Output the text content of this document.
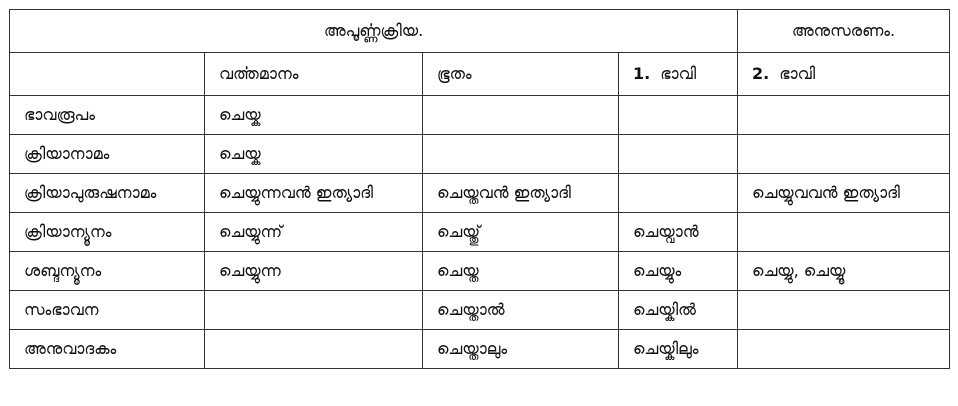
അപൂൎണ്ണക്രിയ.				അനുസരണം.
	വൎത്തമാനം	ഭൂതം	1. ഭാവി	2. ഭാവി
ഭാവരൂപം	ചെയ്ക			
ക്രിയാനാമം	ചെയ്ക			
ക്രിയാപുരുഷനാമം	ചെയ്യുന്നവൻ ഇത്യാദി	ചെയ്തവൻ ഇത്യാദി		ചെയ്യുവവൻ ഇത്യാദി
ക്രിയാന്യൂനം	ചെയ്യുന്ന്	ചെയ്തു്	ചെയ്വാൻ	
ശബ്ദന്യൂനം	ചെയ്യുന്ന	ചെയ്ത	ചെയ്യും	ചെയ്യു, ചെയ്യൂ
സംഭാവന		ചെയ്താൽ	ചെയ്കിൽ	
അനുവാദകം		ചെയ്താലും	ചെയ്കിലും	
